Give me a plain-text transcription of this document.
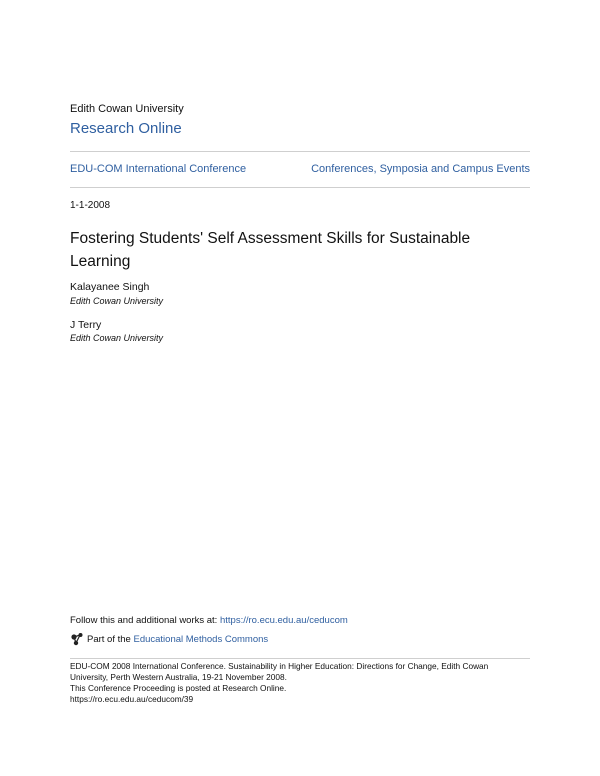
Edith Cowan University
Research Online
EDU-COM International Conference	Conferences, Symposia and Campus Events
1-1-2008
Fostering Students' Self Assessment Skills for Sustainable Learning
Kalayanee Singh
Edith Cowan University
J Terry
Edith Cowan University
Follow this and additional works at: https://ro.ecu.edu.au/ceducom
Part of the
Educational Methods Commons
EDU-COM 2008 International Conference. Sustainability in Higher Education: Directions for Change, Edith Cowan
University, Perth Western Australia, 19-21 November 2008.
This Conference Proceeding is posted at Research Online.
https://ro.ecu.edu.au/ceducom/39
